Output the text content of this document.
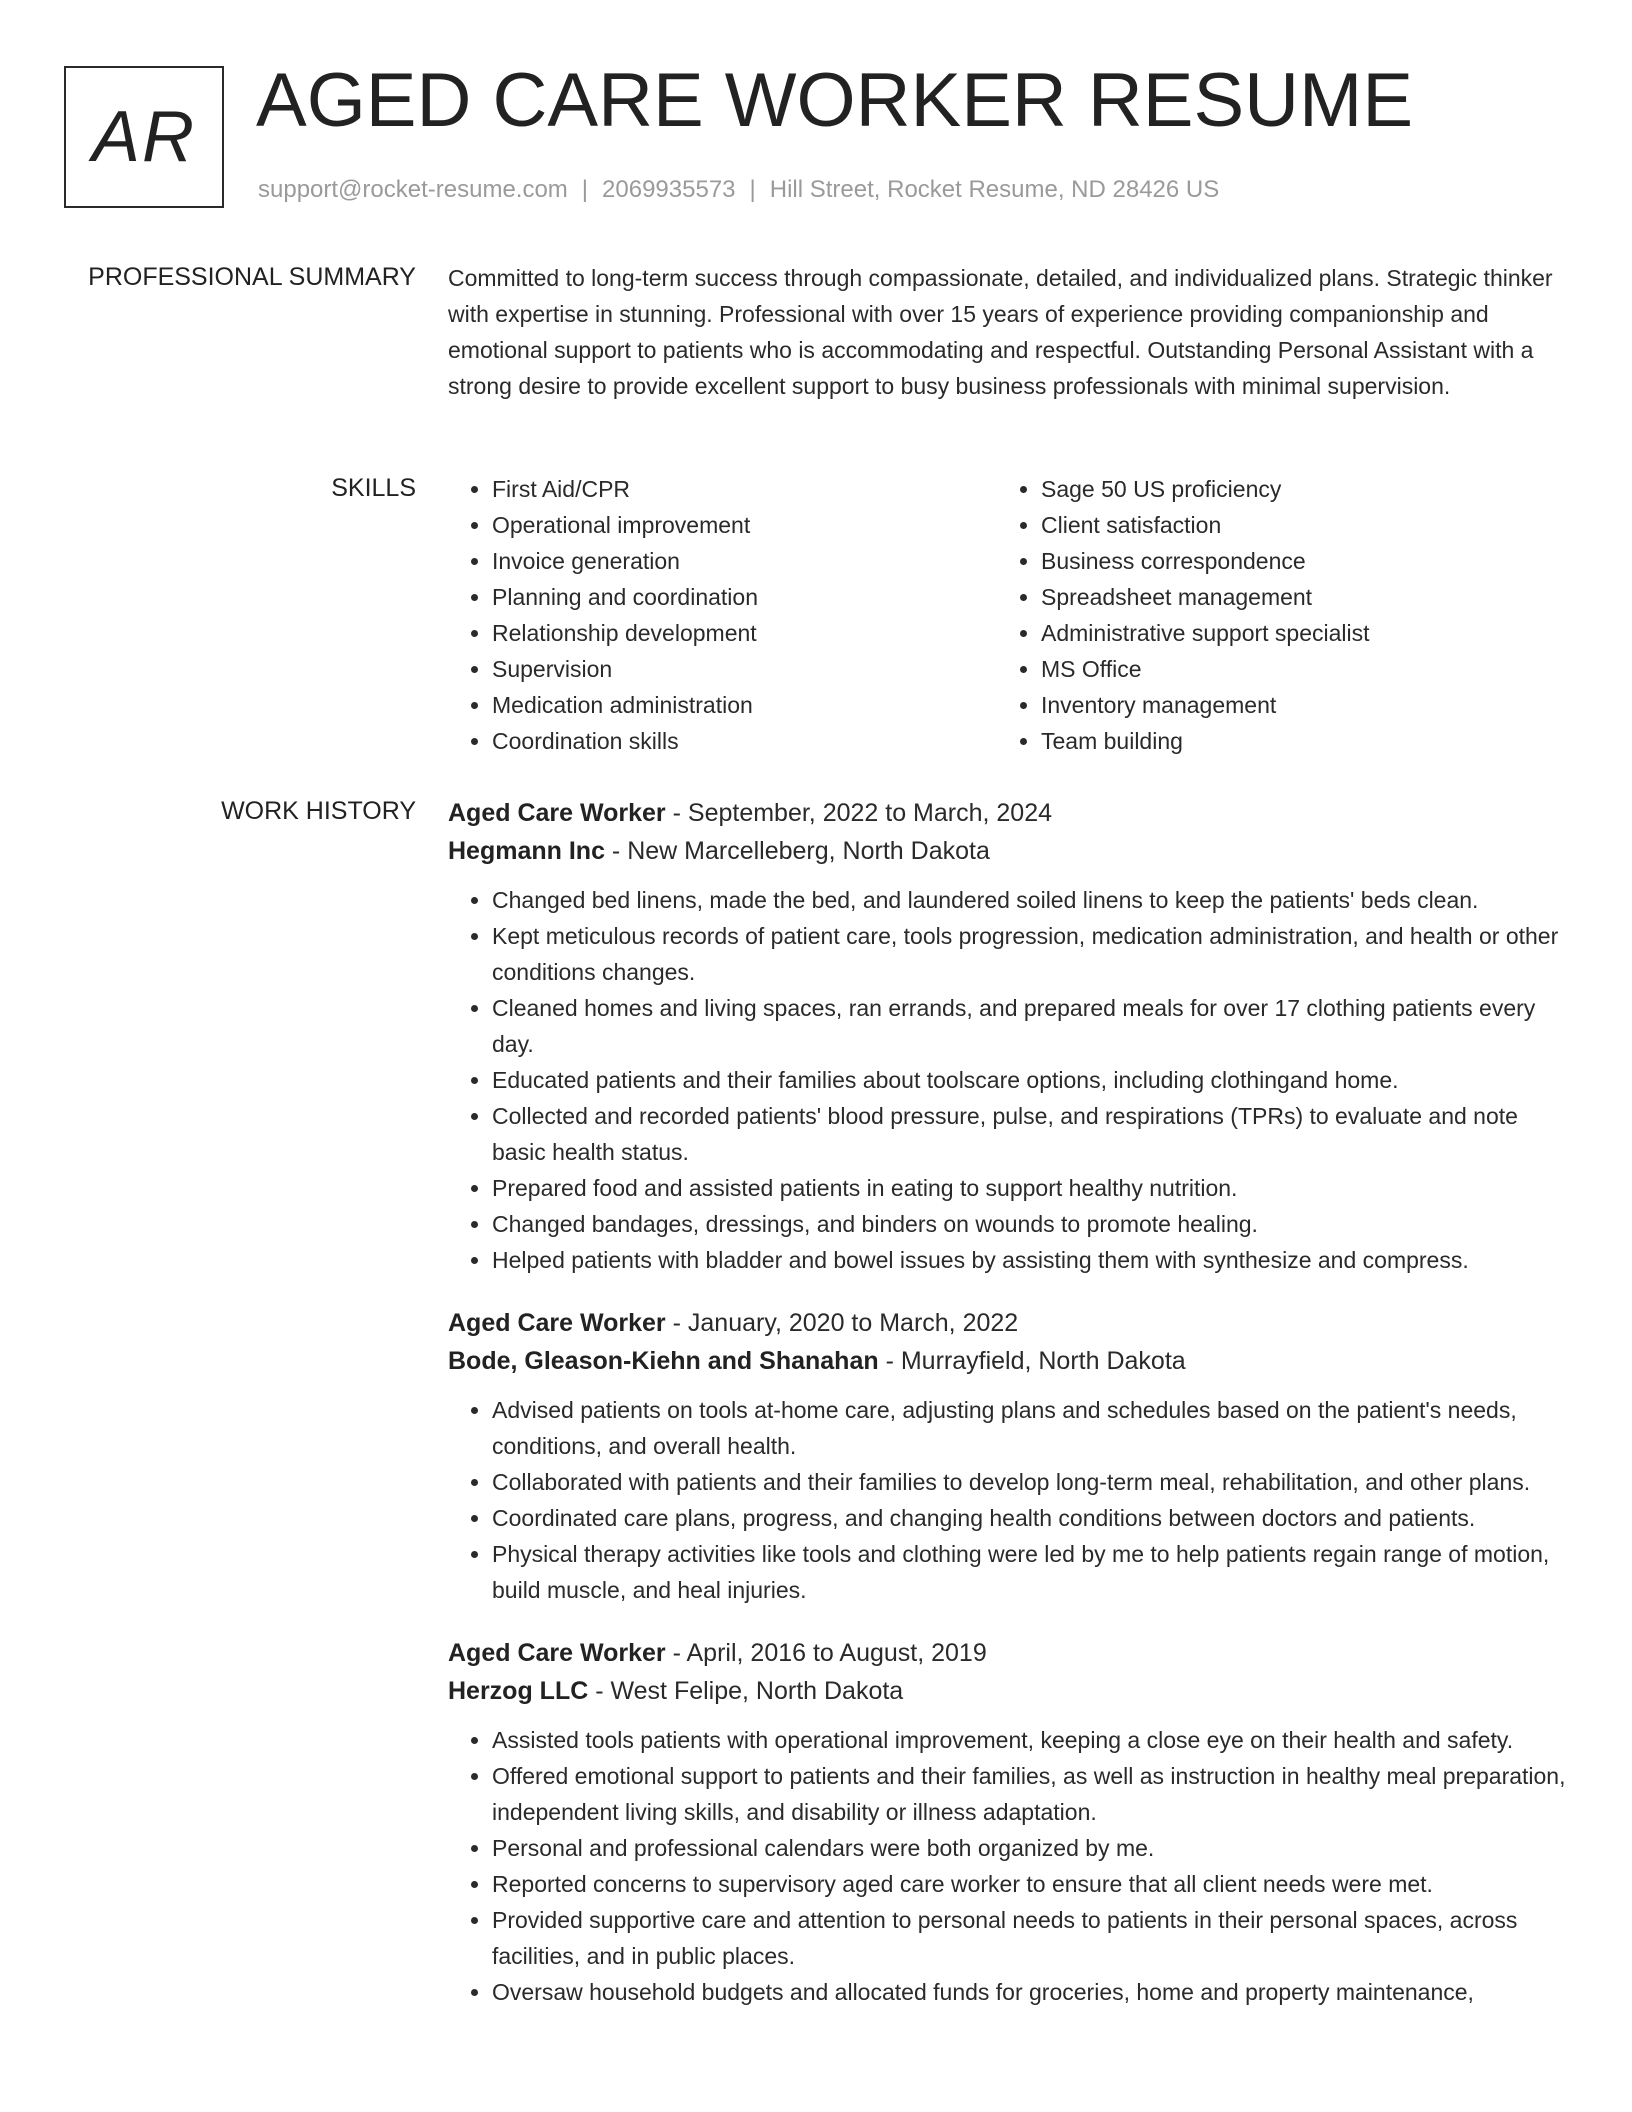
AR AGED CARE WORKER RESUME
support@rocket-resume.com | 2069935573 | Hill Street, Rocket Resume, ND 28426 US
PROFESSIONAL SUMMARY Committed to long-term success through compassionate, detailed, and individualized plans. Strategic thinker with expertise in stunning. Professional with over 15 years of experience providing companionship and emotional support to patients who is accommodating and respectful. Outstanding Personal Assistant with a strong desire to provide excellent support to busy business professionals with minimal supervision.

SKILLS
•	First Aid/CPR
• Operational improvement
• Invoice generation
• Planning and coordination
• Relationship development
• Supervision
• Medication administration
• Coordination skills
• Sage 50 US proficiency
• Client satisfaction
• Business correspondence
• Spreadsheet management
• Administrative support specialist
• MS Office
• Inventory management
• Team building
WORK HISTORY Aged Care Worker - September, 2022 to March, 2024
Hegmann Inc - New Marcelleberg, North Dakota
• Changed bed linens, made the bed, and laundered soiled linens to keep the patients' beds clean.
• Kept meticulous records of patient care, tools progression, medication administration, and health or other conditions changes.
• Cleaned homes and living spaces, ran errands, and prepared meals for over 17 clothing patients every day.
• Educated patients and their families about toolscare options, including clothingand home.
• Collected and recorded patients' blood pressure, pulse, and respirations (TPRs) to evaluate and note basic health status.
• Prepared food and assisted patients in eating to support healthy nutrition.
• Changed bandages, dressings, and binders on wounds to promote healing.
• Helped patients with bladder and bowel issues by assisting them with synthesize and compress.
Aged Care Worker - January, 2020 to March, 2022
Bode, Gleason-Kiehn and Shanahan - Murrayfield, North Dakota
• Advised patients on tools at-home care, adjusting plans and schedules based on the patient's needs, conditions, and overall health.
• Collaborated with patients and their families to develop long-term meal, rehabilitation, and other plans.
• Coordinated care plans, progress, and changing health conditions between doctors and patients.
• Physical therapy activities like tools and clothing were led by me to help patients regain range of motion, build muscle, and heal injuries.
Aged Care Worker - April, 2016 to August, 2019
Herzog LLC - West Felipe, North Dakota
• Assisted tools patients with operational improvement, keeping a close eye on their health and safety.
• Offered emotional support to patients and their families, as well as instruction in healthy meal preparation, independent living skills, and disability or illness adaptation.
• Personal and professional calendars were both organized by me.
• Reported concerns to supervisory aged care worker to ensure that all client needs were met.
• Provided supportive care and attention to personal needs to patients in their personal spaces, across facilities, and in public places.
• Oversaw household budgets and allocated funds for groceries, home and property maintenance,
